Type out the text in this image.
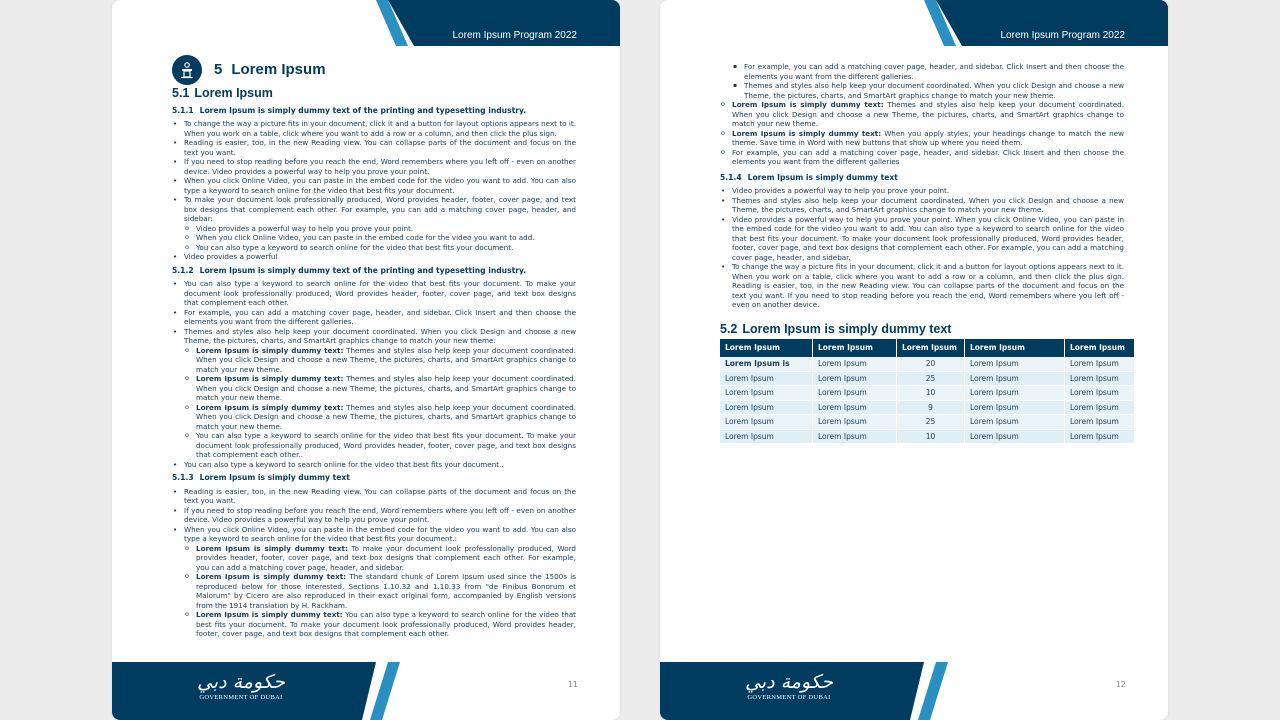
Lorem Ipsum Program 2022
5 Lorem Ipsum
5.1 Lorem Ipsum
5.1.1 Lorem Ipsum is simply dummy text of the printing and typesetting industry.
• To change the way a picture fits in your document, click it and a button for layout options appears next to it. When you work on a table, click where you want to add a row or a column, and then click the plus sign.
• Reading is easier, too, in the new Reading view. You can collapse parts of the document and focus on the text you want.
• If you need to stop reading before you reach the end, Word remembers where you left off - even on another device. Video provides a powerful way to help you prove your point.
• When you click Online Video, you can paste in the embed code for the video you want to add. You can also type a keyword to search online for the video that best fits your document.
• To make your document look professionally produced, Word provides header, footer, cover page, and text box designs that complement each other. For example, you can add a matching cover page, header, and sidebar:
o Video provides a powerful way to help you prove your point.
o When you click Online Video, you can paste in the embed code for the video you want to add.
o You can also type a keyword to search online for the video that best fits your document.
• Video provides a powerful
5.1.2 Lorem Ipsum is simply dummy text of the printing and typesetting industry.
• You can also type a keyword to search online for the video that best fits your document. To make your document look professionally produced, Word provides header, footer, cover page, and text box designs that complement each other.
• For example, you can add a matching cover page, header, and sidebar. Click Insert and then choose the elements you want from the different galleries.
• Themes and styles also help keep your document coordinated. When you click Design and choose a new Theme, the pictures, charts, and SmartArt graphics change to match your new theme:
o Lorem Ipsum is simply dummy text: Themes and styles also help keep your document coordinated. When you click Design and choose a new Theme, the pictures, charts, and SmartArt graphics change to match your new theme.
o Lorem Ipsum is simply dummy text: Themes and styles also help keep your document coordinated. When you click Design and choose a new Theme, the pictures, charts, and SmartArt graphics change to match your new theme.
o Lorem Ipsum is simply dummy text: Themes and styles also help keep your document coordinated. When you click Design and choose a new Theme, the pictures, charts, and SmartArt graphics change to match your new theme.
o You can also type a keyword to search online for the video that best fits your document. To make your document look professionally produced, Word provides header, footer, cover page, and text box designs that complement each other..
• You can also type a keyword to search online for the video that best fits your document..
5.1.3 Lorem Ipsum is simply dummy text
• Reading is easier, too, in the new Reading view. You can collapse parts of the document and focus on the text you want.
• If you need to stop reading before you reach the end, Word remembers where you left off - even on another device. Video provides a powerful way to help you prove your point.
• When you click Online Video, you can paste in the embed code for the video you want to add. You can also type a keyword to search online for the video that best fits your document.:
o Lorem Ipsum is simply dummy text: To make your document look professionally produced, Word provides header, footer, cover page, and text box designs that complement each other. For example, you can add a matching cover page, header, and sidebar.
o Lorem Ipsum is simply dummy text: The standard chunk of Lorem Ipsum used since the 1500s is reproduced below for those interested. Sections 1.10.32 and 1.10.33 from "de Finibus Bonorum et Malorum" by Cicero are also reproduced in their exact original form, accompanied by English versions from the 1914 translation by H. Rackham.
o Lorem Ipsum is simply dummy text: You can also type a keyword to search online for the video that best fits your document. To make your document look professionally produced, Word provides header, footer, cover page, and text box designs that complement each other.
حكومة دبي
GOVERNMENT OF DUBAI
11
Lorem Ipsum Program 2022
▪ For example, you can add a matching cover page, header, and sidebar. Click Insert and then choose the elements you want from the different galleries.
▪ Themes and styles also help keep your document coordinated. When you click Design and choose a new Theme, the pictures, charts, and SmartArt graphics change to match your new theme.
o Lorem Ipsum is simply dummy text: Themes and styles also help keep your document coordinated. When you click Design and choose a new Theme, the pictures, charts, and SmartArt graphics change to match your new theme.
o Lorem Ipsum is simply dummy text: When you apply styles, your headings change to match the new theme. Save time in Word with new buttons that show up where you need them.
o For example, you can add a matching cover page, header, and sidebar. Click Insert and then choose the elements you want from the different galleries
5.1.4 Lorem Ipsum is simply dummy text
• Video provides a powerful way to help you prove your point.
• Themes and styles also help keep your document coordinated. When you click Design and choose a new Theme, the pictures, charts, and SmartArt graphics change to match your new theme.
• Video provides a powerful way to help you prove your point. When you click Online Video, you can paste in the embed code for the video you want to add. You can also type a keyword to search online for the video that best fits your document. To make your document look professionally produced, Word provides header, footer, cover page, and text box designs that complement each other. For example, you can add a matching cover page, header, and sidebar.
• To change the way a picture fits in your document, click it and a button for layout options appears next to it. When you work on a table, click where you want to add a row or a column, and then click the plus sign. Reading is easier, too, in the new Reading view. You can collapse parts of the document and focus on the text you want. If you need to stop reading before you reach the end, Word remembers where you left off - even on another device.
5.2 Lorem Ipsum is simply dummy text
Lorem Ipsum	Lorem Ipsum	Lorem Ipsum	Lorem Ipsum	Lorem Ipsum
Lorem Ipsum is	Lorem Ipsum	20	Lorem Ipsum	Lorem Ipsum
Lorem Ipsum	Lorem Ipsum	25	Lorem Ipsum	Lorem Ipsum
Lorem Ipsum	Lorem Ipsum	10	Lorem Ipsum	Lorem Ipsum
Lorem Ipsum	Lorem Ipsum	9	Lorem Ipsum	Lorem Ipsum
Lorem Ipsum	Lorem Ipsum	25	Lorem Ipsum	Lorem Ipsum
Lorem Ipsum	Lorem Ipsum	10	Lorem Ipsum	Lorem Ipsum
حكومة دبي
GOVERNMENT OF DUBAI
12
